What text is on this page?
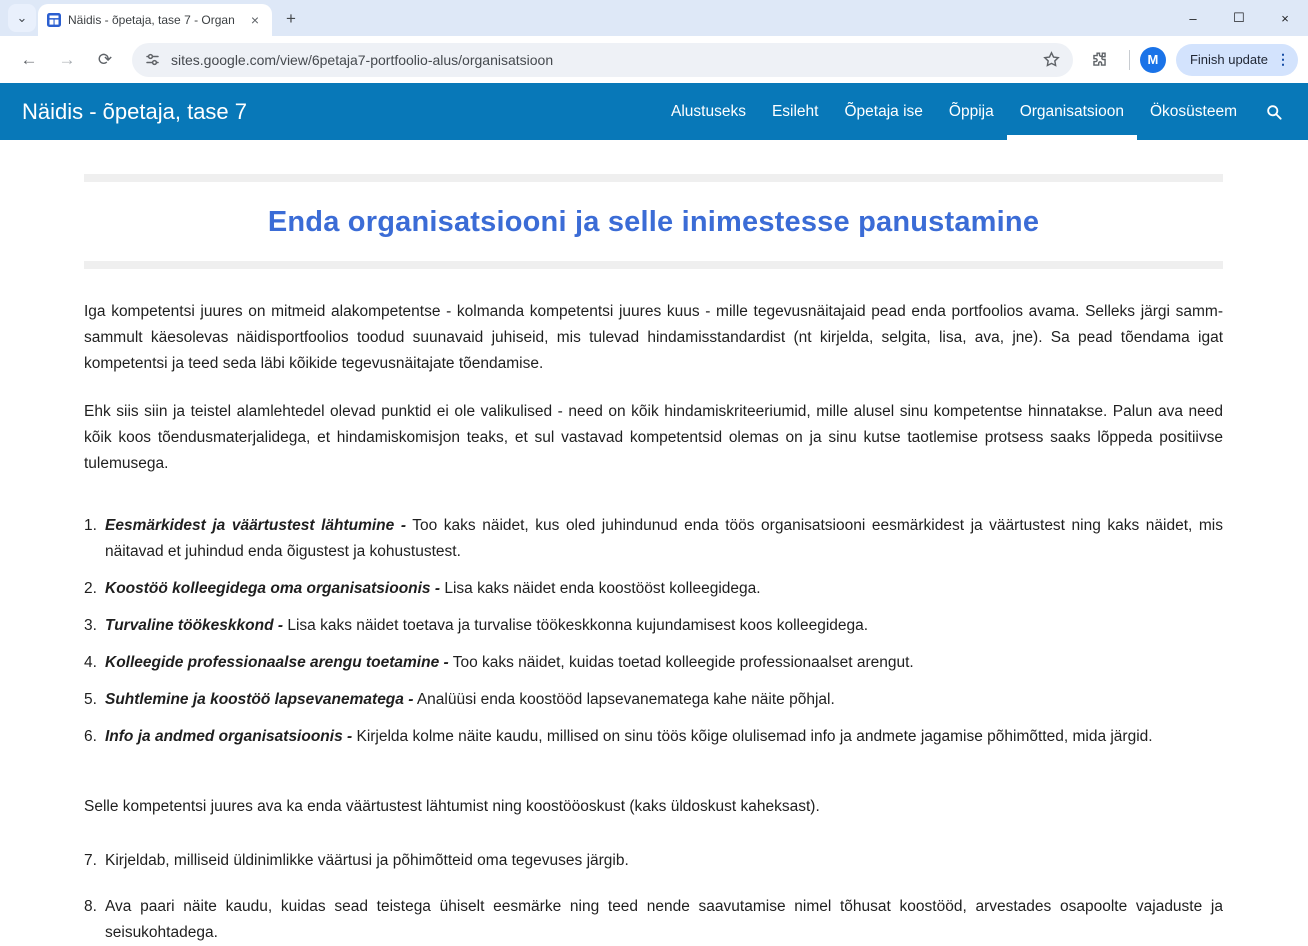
⌄	Näidis - õpetaja, tase 7 - Organ	× +	–	☐	×
←	→	⟳	sites.google.com/view/6petaja7-portfoolio-alus/organisatsioon	M	Finish update ⋮
Näidis - õpetaja, tase 7	Alustuseks Esileht Õpetaja ise Õppija Organisatsioon Ökosüsteem
Enda organisatsiooni ja selle inimestesse panustamine

Iga kompetentsi juures on mitmeid alakompetentse - kolmanda kompetentsi juures kuus - mille tegevusnäitajaid pead enda portfoolios avama. Selleks järgi samm-sammult käesolevas näidisportfoolios toodud suunavaid juhiseid, mis tulevad hindamisstandardist (nt kirjelda, selgita, lisa, ava, jne). Sa pead tõendama igat kompetentsi ja teed seda läbi kõikide tegevusnäitajate tõendamise.

Ehk siis siin ja teistel alamlehtedel olevad punktid ei ole valikulised - need on kõik hindamiskriteeriumid, mille alusel sinu kompetentse hinnatakse. Palun ava need kõik koos tõendusmaterjalidega, et hindamiskomisjon teaks, et sul vastavad kompetentsid olemas on ja sinu kutse taotlemise protsess saaks lõppeda positiivse tulemusega.

Eesmärkidest ja väärtustest lähtumine - Too kaks näidet, kus oled juhindunud enda töös organisatsiooni eesmärkidest ja väärtustest ning kaks näidet, mis näitavad et juhindud enda õigustest ja kohustustest.
Koostöö kolleegidega oma organisatsioonis - Lisa kaks näidet enda koostööst kolleegidega.
Turvaline töökeskkond - Lisa kaks näidet toetava ja turvalise töökeskkonna kujundamisest koos kolleegidega.
Kolleegide professionaalse arengu toetamine - Too kaks näidet, kuidas toetad kolleegide professionaalset arengut.
Suhtlemine ja koostöö lapsevanematega - Analüüsi enda koostööd lapsevanematega kahe näite põhjal.
Info ja andmed organisatsioonis - Kirjelda kolme näite kaudu, millised on sinu töös kõige olulisemad info ja andmete jagamise põhimõtted, mida järgid.

Selle kompetentsi juures ava ka enda väärtustest lähtumist ning koostööoskust (kaks üldoskust kaheksast).

Kirjeldab, milliseid üldinimlikke väärtusi ja põhimõtteid oma tegevuses järgib.
Ava paari näite kaudu, kuidas sead teistega ühiselt eesmärke ning teed nende saavutamise nimel tõhusat koostööd, arvestades osapoolte vajaduste ja seisukohtadega.
